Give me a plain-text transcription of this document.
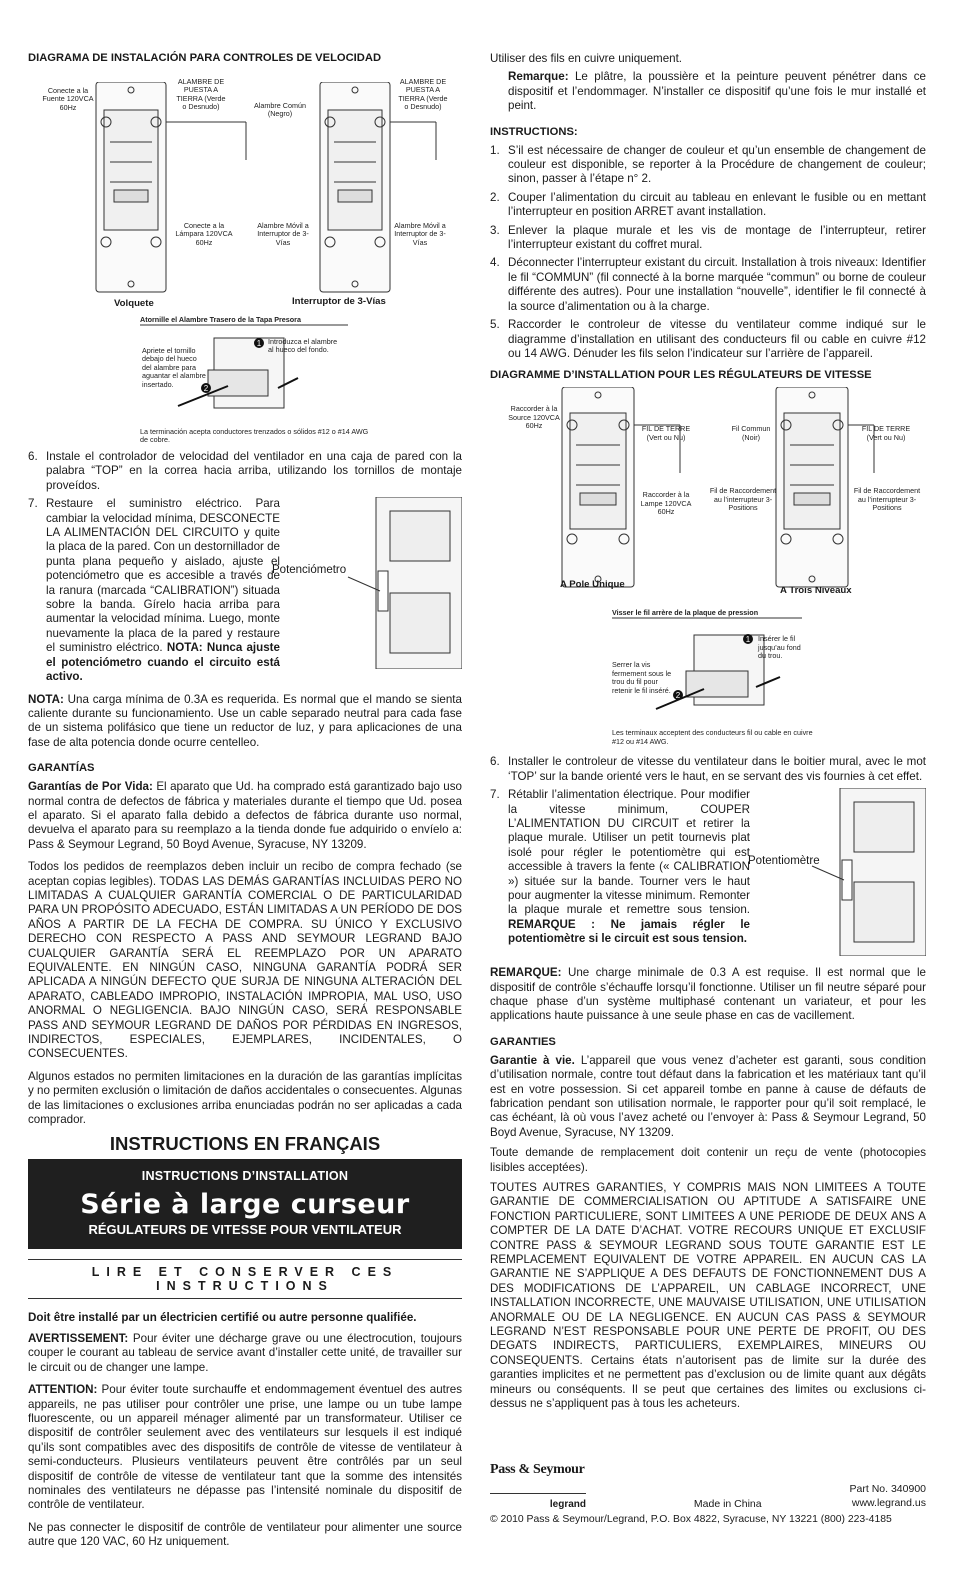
DIAGRAMA DE INSTALACIÓN PARA CONTROLES DE VELOCIDAD
Conecte a la Fuente 120VCA 60Hz
ALAMBRE DE PUESTA A TIERRA (Verde o Desnudo)
Conecte a la Lámpara 120VCA 60Hz
Alambre Común (Negro)
ALAMBRE DE PUESTA A TIERRA (Verde o Desnudo)
Alambre Móvil a Interruptor de 3-Vías
Alambre Móvil a Interruptor de 3-Vías
Volquete	Interruptor de 3-Vías
Atornille el Alambre Trasero de la Tapa Presora
1
2
Introduzca el alambre al hueco del fondo.
Apriete el tornillo debajo del hueco del alambre para aguantar el alambre insertado.
La terminación acepta conductores trenzados o sólidos #12 o #14 AWG de cobre.
6. Instale el controlador de velocidad del ventilador en una caja de pared con la palabra “TOP” en la correa hacia arriba, utilizando los tornillos de montaje proveídos.
7.
Potenciómetro
Restaure el suministro eléctrico. Para cambiar la velocidad mínima, DESCONECTE LA ALIMENTACIÓN DEL CIRCUITO y quite la placa de la pared. Con un destornillador de punta plana pequeño y aislado, ajuste el potenciómetro que es accesible a través de la ranura (marcada “CALIBRATION”) situada sobre la banda. Gírelo hacia arriba para aumentar la velocidad mínima. Luego, monte nuevamente la placa de la pared y restaure el suministro eléctrico. NOTA: Nunca ajuste el potenciómetro cuando el circuito está activo.

NOTA: Una carga mínima de 0.3A es requerida. Es normal que el mando se sienta caliente durante su funcionamiento. Use un cable separado neutral para cada fase de un sistema polifásico que tiene un reductor de luz, y para aplicaciones de una fase de alta potencia donde ocurre centelleo.

GARANTÍAS

Garantías de Por Vida: El aparato que Ud. ha comprado está garantizado bajo uso normal contra de defectos de fábrica y materiales durante el tiempo que Ud. posea el aparato. Si el aparato falla debido a defectos de fábrica durante uso normal, devuelva el aparato para su reemplazo a la tienda donde fue adquirido o envíelo a: Pass & Seymour Legrand, 50 Boyd Avenue, Syracuse, NY 13209.

Todos los pedidos de reemplazos deben incluir un recibo de compra fechado (se aceptan copias legibles). TODAS LAS DEMÁS GARANTÍAS INCLUIDAS PERO NO LIMITADAS A CUALQUIER GARANTÍA COMERCIAL O DE PARTICULARIDAD PARA UN PROPÓSITO ADECUADO, ESTÁN LIMITADAS A UN PERÍODO DE DOS AÑOS A PARTIR DE LA FECHA DE COMPRA. SU ÚNICO Y EXCLUSIVO DERECHO CON RESPECTO A PASS AND SEYMOUR LEGRAND BAJO CUALQUIER GARANTÍA SERÁ EL REEMPLAZO POR UN APARATO EQUIVALENTE. EN NINGÚN CASO, NINGUNA GARANTÍA PODRÁ SER APLICADA A NINGÚN DEFECTO QUE SURJA DE NINGUNA ALTERACIÓN DEL APARATO, CABLEADO IMPROPIO, INSTALACIÓN IMPROPIA, MAL USO, USO ANORMAL O NEGLIGENCIA. BAJO NINGÚN CASO, SERÁ RESPONSABLE PASS AND SEYMOUR LEGRAND DE DAÑOS POR PÉRDIDAS EN INGRESOS, INDIRECTOS, ESPECIALES, EJEMPLARES, INCIDENTALES, O CONSECUENTES.

Algunos estados no permiten limitaciones en la duración de las garantías implícitas y no permiten exclusión o limitación de daños accidentales o consecuentes. Algunas de las limitaciones o exclusiones arriba enunciadas podrán no ser aplicadas a cada comprador.

INSTRUCTIONS EN FRANÇAIS
INSTRUCTIONS D’INSTALLATION
Série à large curseur
RÉGULATEURS DE VITESSE POUR VENTILATEUR
LIRE ET CONSERVER CES INSTRUCTIONS

Doit être installé par un électricien certifié ou autre personne qualifiée.

AVERTISSEMENT: Pour éviter une décharge grave ou une électrocution, toujours couper le courant au tableau de service avant d’installer cette unité, de travailler sur le circuit ou de changer une lampe.

ATTENTION: Pour éviter toute surchauffe et endommagement éventuel des autres appareils, ne pas utiliser pour contrôler une prise, une lampe ou un tube lampe fluorescente, ou un appareil ménager alimenté par un transformateur. Utiliser ce dispositif de contrôler seulement avec des ventilateurs sur lesquels il est indiqué qu’ils sont compatibles avec des dispositifs de contrôle de vitesse de ventilateur à semi-conducteurs. Plusieurs ventilateurs peuvent être contrôlés par un seul dispositif de contrôle de vitesse de ventilateur tant que la somme des intensités nominales des ventilateurs ne dépasse pas l’intensité nominale du dispositif de contrôle de ventilateur.

Ne pas connecter le dispositif de contrôle de ventilateur pour alimenter une source autre que 120 VAC, 60 Hz uniquement.

Utiliser des fils en cuivre uniquement.

Remarque: Le plâtre, la poussière et la peinture peuvent pénétrer dans ce dispositif et l’endommager. N’installer ce dispositif qu’une fois le mur installé et peint.

INSTRUCTIONS:
1. S’il est nécessaire de changer de couleur et qu’un ensemble de changement de couleur est disponible, se reporter à la Procédure de changement de couleur; sinon, passer à l’étape n° 2.
2. Couper l’alimentation du circuit au tableau en enlevant le fusible ou en mettant l’interrupteur en position ARRET avant installation.
3. Enlever la plaque murale et les vis de montage de l’interrupteur, retirer l’interrupteur existant du coffret mural.
4. Déconnecter l’interrupteur existant du circuit. Installation à trois niveaux: Identifier le fil “COMMUN” (fil connecté à la borne marquée “commun” ou borne de couleur différente des autres). Pour une installation “nouvelle”, identifier le fil connecté à la source d’alimentation ou à la charge.
5. Raccorder le controleur de vitesse du ventilateur comme indiqué sur le diagramme d’installation en utilisant des conducteurs fil ou cable en cuivre #12 ou 14 AWG. Dénuder les fils selon l’indicateur sur l’arrière de l’appareil.
DIAGRAMME D’INSTALLATION POUR LES RÉGULATEURS DE VITESSE
Raccorder à la Source 120VCA 60Hz	FIL DE TERRE (Vert ou Nu)
Raccorder à la Lampe 120VCA 60Hz
Fil Commun (Noir)
FIL DE TERRE (Vert ou Nu)
Fil de Raccordement au l’interrupteur 3-Positions
Fil de Raccordement au l’interrupteur 3-Positions
A Pole Unique
A Trois Niveaux
Visser le fil arrère de la plaque de pression
1
2
Insérer le fil jusqu’au fond du trou.
Serrer la vis fermement sous le trou du fil pour retenir le fil inséré.
Les terminaux acceptent des conducteurs fil ou cable en cuivre #12 ou #14 AWG.
6. Installer le controleur de vitesse du ventilateur dans le boitier mural, avec le mot ‘TOP’ sur la bande orienté vers le haut, en se servant des vis fournies à cet effet.
7.
Potentiomètre
Rétablir l’alimentation électrique. Pour modifier la vitesse minimum, COUPER L’ALIMENTATION DU CIRCUIT et retirer la plaque murale. Utiliser un petit tournevis plat isolé pour régler le potentiomètre qui est accessible à travers la fente (« CALIBRATION ») située sur la bande. Tourner vers le haut pour augmenter la vitesse minimum. Remonter la plaque murale et remettre sous tension. REMARQUE : Ne jamais régler le potentiomètre si le circuit est sous tension.

REMARQUE: Une charge minimale de 0.3 A est requise. Il est normal que le dispositif de contrôle s’échauffe lorsqu’il fonctionne. Utiliser un fil neutre séparé pour chaque phase d’un système multiphasé contenant un variateur, et pour les applications haute puissance à une seule phase en cas de vacillement.

GARANTIES

Garantie à vie. L’appareil que vous venez d’acheter est garanti, sous condition d’utilisation normale, contre tout défaut dans la fabrication et les matériaux tant qu’il est en votre possession. Si cet appareil tombe en panne à cause de défauts de fabrication pendant son utilisation normale, le rapporter pour qu’il soit remplacé, le cas échéant, là où vous l’avez acheté ou l’envoyer à: Pass & Seymour Legrand, 50 Boyd Avenue, Syracuse, NY 13209.

Toute demande de remplacement doit contenir un reçu de vente (photocopies lisibles acceptées).

TOUTES AUTRES GARANTIES, Y COMPRIS MAIS NON LIMITEES A TOUTE GARANTIE DE COMMERCIALISATION OU APTITUDE A SATISFAIRE UNE FONCTION PARTICULIERE, SONT LIMITEES A UNE PERIODE DE DEUX ANS A COMPTER DE LA DATE D’ACHAT. VOTRE RECOURS UNIQUE ET EXCLUSIF CONTRE PASS & SEYMOUR LEGRAND SOUS TOUTE GARANTIE EST LE REMPLACEMENT EQUIVALENT DE VOTRE APPAREIL. EN AUCUN CAS LA GARANTIE NE S’APPLIQUE A DES DEFAUTS DE FONCTIONNEMENT DUS A DES MODIFICATIONS DE L’APPAREIL, UN CABLAGE INCORRECT, UNE INSTALLATION INCORRECTE, UNE MAUVAISE UTILISATION, UNE UTILISATION ANORMALE OU DE LA NEGLIGENCE. EN AUCUN CAS PASS & SEYMOUR LEGRAND N’EST RESPONSABLE POUR UNE PERTE DE PROFIT, OU DES DEGATS INDIRECTS, PARTICULIERS, EXEMPLAIRES, MINEURS OU CONSEQUENTS. Certains états n’autorisent pas de limite sur la durée des garanties implicites et ne permettent pas d’exclusion ou de limite quant aux dégâts mineurs ou conséquents. Il se peut que certaines des limites ou exclusions ci-dessus ne s’appliquent pas à tous les acheteurs.

Pass & Seymour
legrand	Made in China
Part No. 340900
www.legrand.us
© 2010 Pass & Seymour/Legrand, P.O. Box 4822, Syracuse, NY 13221 (800) 223-4185
